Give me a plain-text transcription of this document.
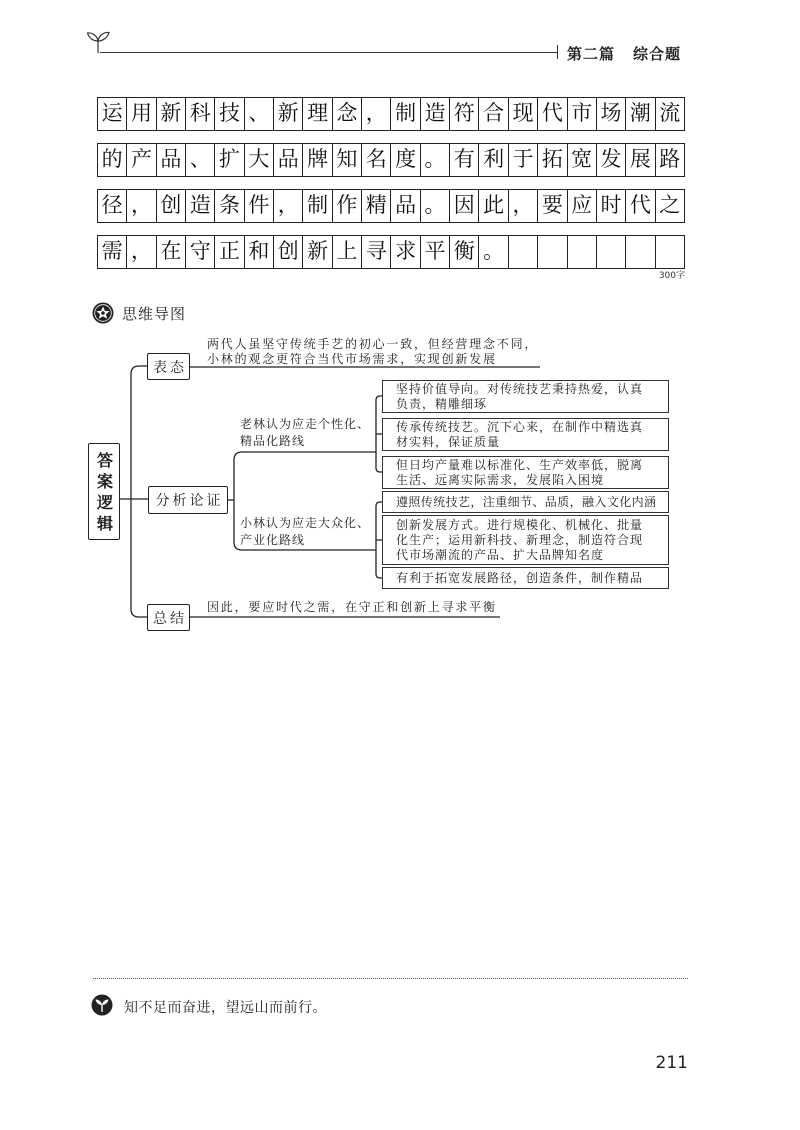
第二篇 综合题
运 用 新 科 技 、 新 理 念 ， 制 造 符 合 现 代 市 场 潮 流
的 产 品 、 扩 大 品 牌 知 名 度 。 有 利 于 拓 宽 发 展 路
径 ， 创 造 条 件 ， 制 作 精 品 。 因 此 ， 要 应 时 代 之
需 ， 在 守 正 和 创 新 上 寻 求 平 衡 。
300字
思维导图
答案逻辑
表态
两代人虽坚守传统手艺的初心一致，但经营理念不同，
小林的观念更符合当代市场需求，实现创新发展
分析论证
老林认为应走个性化、
精品化路线
坚持价值导向。对传统技艺秉持热爱，认真
负责，精雕细琢
传承传统技艺。沉下心来，在制作中精选真
材实料，保证质量
但日均产量难以标准化、生产效率低，脱离
生活、远离实际需求，发展陷入困境
小林认为应走大众化、
产业化路线
遵照传统技艺，注重细节、品质，融入文化内涵
创新发展方式。进行规模化、机械化、批量
化生产；运用新科技、新理念，制造符合现
代市场潮流的产品、扩大品牌知名度
有利于拓宽发展路径，创造条件，制作精品
总结
因此，要应时代之需，在守正和创新上寻求平衡
知不足而奋进，望远山而前行。
211
